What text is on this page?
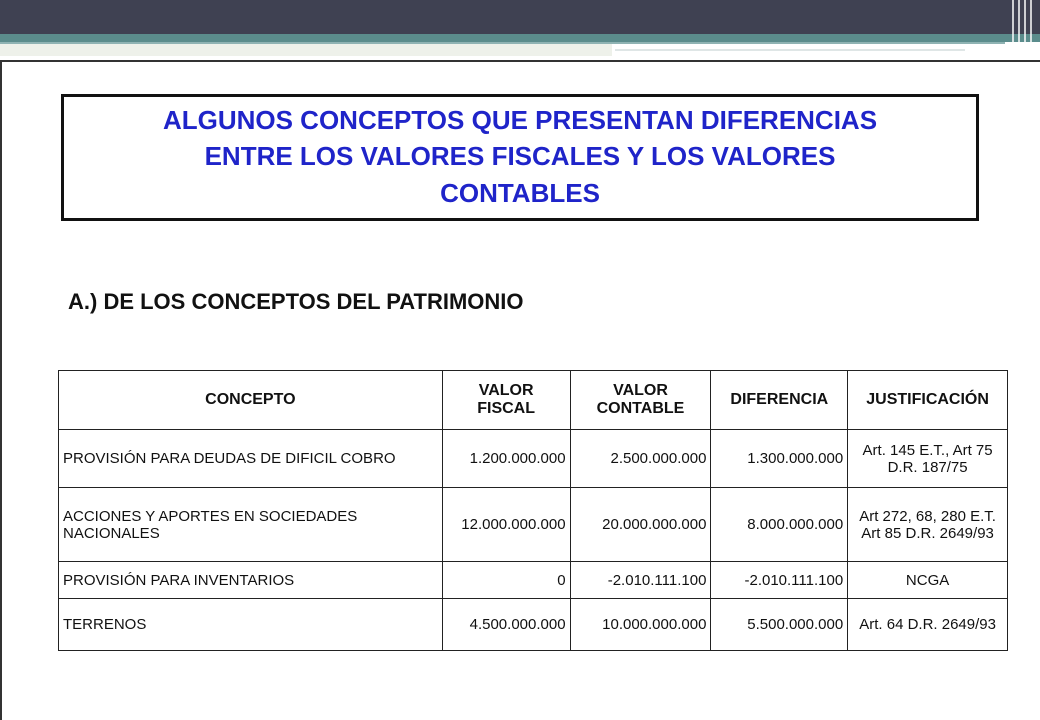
ALGUNOS CONCEPTOS QUE PRESENTAN DIFERENCIAS
ENTRE LOS VALORES FISCALES Y LOS VALORES
CONTABLES
A.) DE LOS CONCEPTOS DEL PATRIMONIO
CONCEPTO	VALOR FISCAL	VALOR CONTABLE	DIFERENCIA	JUSTIFICACIÓN
PROVISIÓN PARA DEUDAS DE DIFICIL COBRO	1.200.000.000	2.500.000.000	1.300.000.000	Art. 145 E.T., Art 75 D.R. 187/75
ACCIONES Y APORTES EN SOCIEDADES NACIONALES	12.000.000.000	20.000.000.000	8.000.000.000	Art 272, 68, 280 E.T. Art 85 D.R. 2649/93
PROVISIÓN PARA INVENTARIOS	0	-2.010.111.100	-2.010.111.100	NCGA
TERRENOS	4.500.000.000	10.000.000.000	5.500.000.000	Art. 64 D.R. 2649/93
